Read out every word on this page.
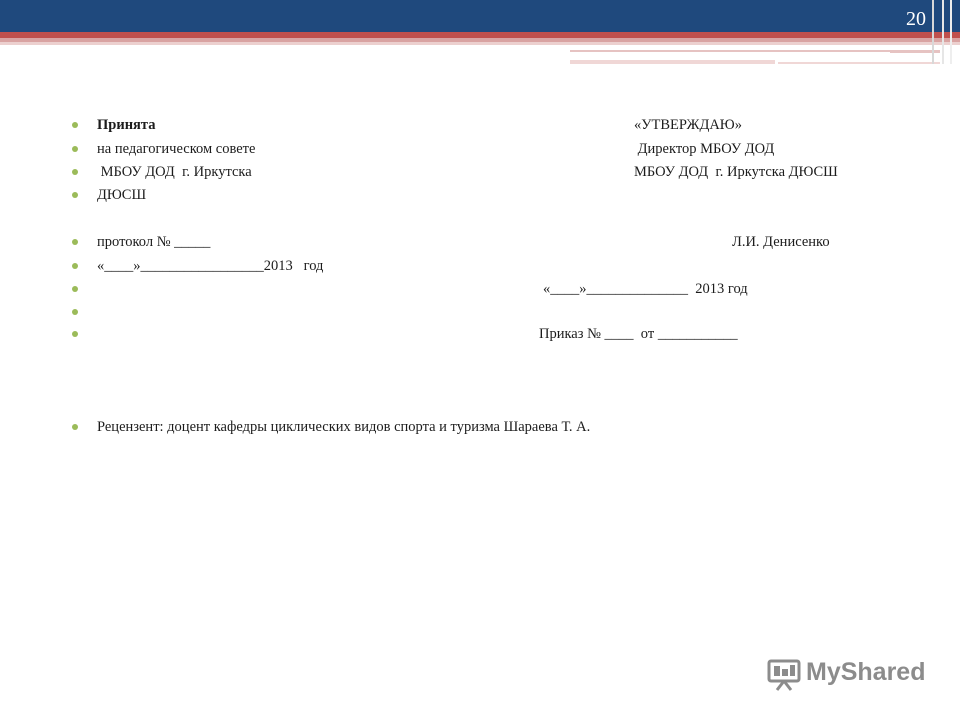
20
Принята
на педагогическом совете
МБОУ ДОД  г. Иркутска
ДЮСШ
протокол № _____
«____»_________________2013   год
«УТВЕРЖДАЮ»
Директор МБОУ ДОД
МБОУ ДОД  г. Иркутска ДЮСШ
Л.И. Денисенко
«____»______________  2013 год
Приказ № ____  от ___________
Рецензент: доцент кафедры циклических видов спорта и туризма Шараева Т. А.
MyShared
